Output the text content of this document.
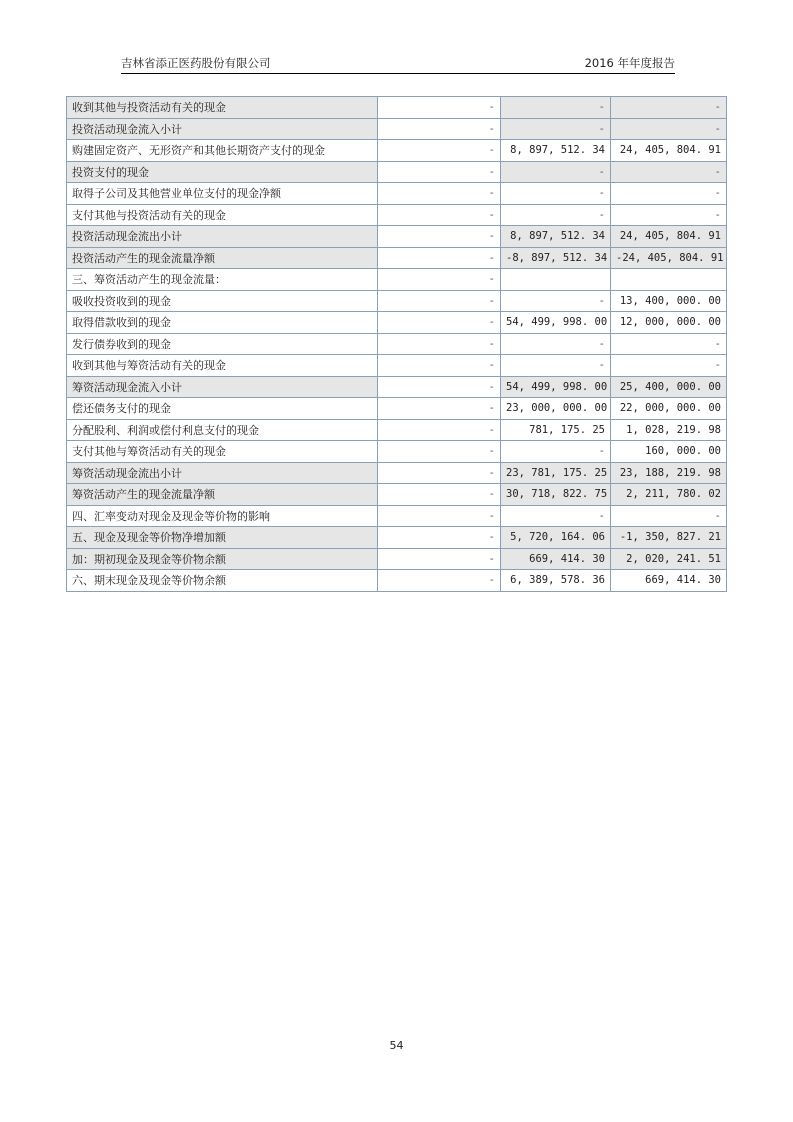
吉林省添正医药股份有限公司	2016 年年度报告
收到其他与投资活动有关的现金	-	-	-
投资活动现金流入小计	-	-	-
购建固定资产、无形资产和其他长期资产支付的现金	-	8, 897, 512. 34	24, 405, 804. 91
投资支付的现金	-	-	-
取得子公司及其他营业单位支付的现金净额	-	-	-
支付其他与投资活动有关的现金	-	-	-
投资活动现金流出小计	-	8, 897, 512. 34	24, 405, 804. 91
投资活动产生的现金流量净额	-	-8, 897, 512. 34	-24, 405, 804. 91
三、筹资活动产生的现金流量：	-		
吸收投资收到的现金	-	-	13, 400, 000. 00
取得借款收到的现金	-	54, 499, 998. 00	12, 000, 000. 00
发行债券收到的现金	-	-	-
收到其他与筹资活动有关的现金	-	-	-
筹资活动现金流入小计	-	54, 499, 998. 00	25, 400, 000. 00
偿还债务支付的现金	-	23, 000, 000. 00	22, 000, 000. 00
分配股利、利润或偿付利息支付的现金	-	781, 175. 25	1, 028, 219. 98
支付其他与筹资活动有关的现金	-	-	160, 000. 00
筹资活动现金流出小计	-	23, 781, 175. 25	23, 188, 219. 98
筹资活动产生的现金流量净额	-	30, 718, 822. 75	2, 211, 780. 02
四、汇率变动对现金及现金等价物的影响	-	-	-
五、现金及现金等价物净增加额	-	5, 720, 164. 06	-1, 350, 827. 21
加：期初现金及现金等价物余额	-	669, 414. 30	2, 020, 241. 51
六、期末现金及现金等价物余额	-	6, 389, 578. 36	669, 414. 30
54
